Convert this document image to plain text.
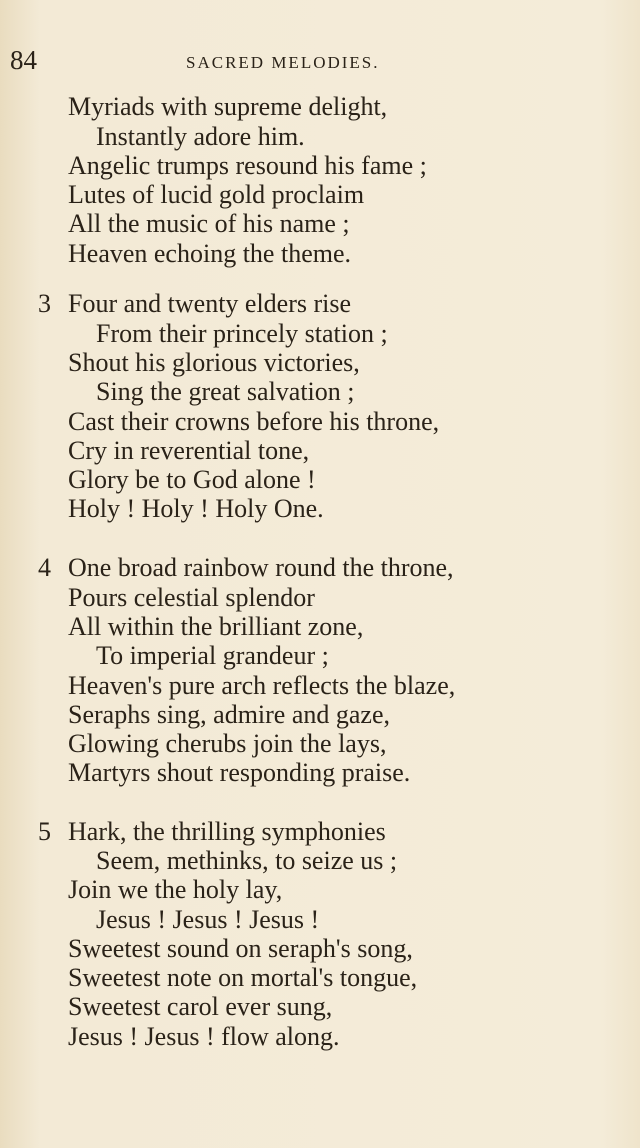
84	SACRED MELODIES.
Myriads with supreme delight,
Instantly adore him.
Angelic trumps resound his fame ;
Lutes of lucid gold proclaim
All the music of his name ;
Heaven echoing the theme.
3 Four and twenty elders rise
From their princely station ;
Shout his glorious victories,
Sing the great salvation ;
Cast their crowns before his throne,
Cry in reverential tone,
Glory be to God alone !
Holy ! Holy ! Holy One.
4 One broad rainbow round the throne,
Pours celestial splendor
All within the brilliant zone,
To imperial grandeur ;
Heaven's pure arch reflects the blaze,
Seraphs sing, admire and gaze,
Glowing cherubs join the lays,
Martyrs shout responding praise.
5 Hark, the thrilling symphonies
Seem, methinks, to seize us ;
Join we the holy lay,
Jesus ! Jesus ! Jesus !
Sweetest sound on seraph's song,
Sweetest note on mortal's tongue,
Sweetest carol ever sung,
Jesus ! Jesus ! flow along.
